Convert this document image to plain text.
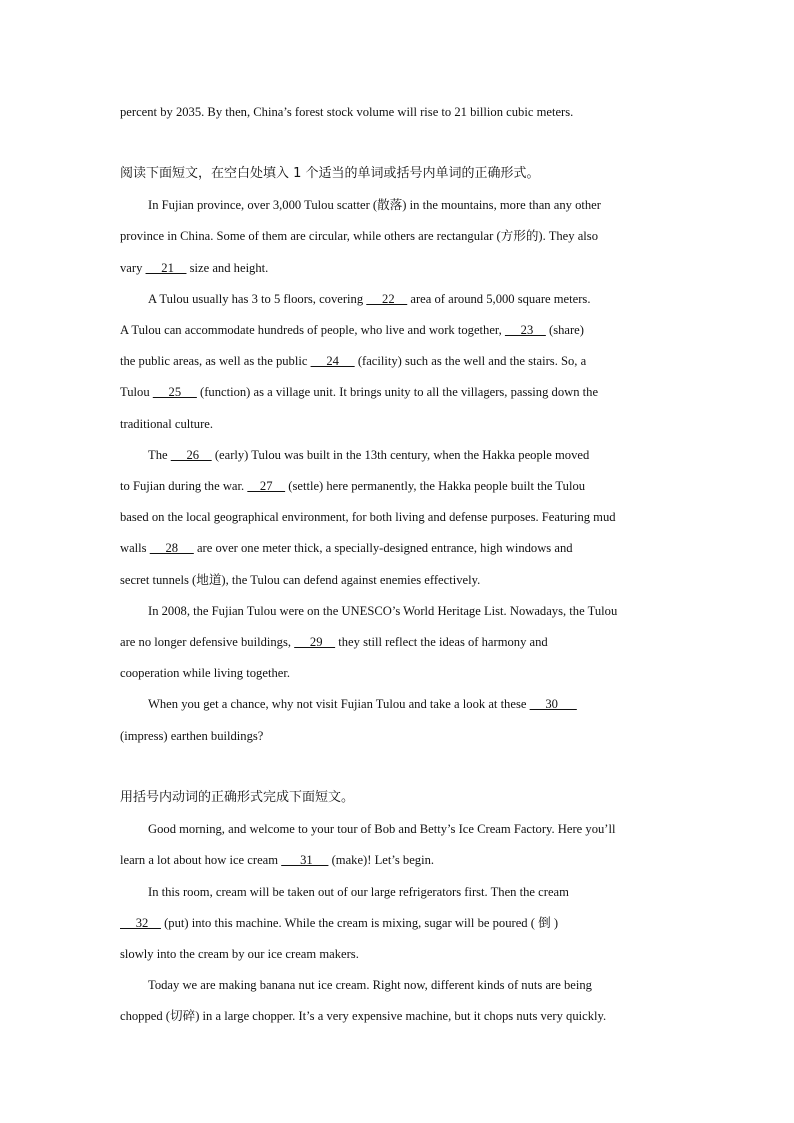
percent by 2035. By then, China’s forest stock volume will rise to 21 billion cubic meters.
阅读下面短文，在空白处填入 1 个适当的单词或括号内单词的正确形式。
In Fujian province, over 3,000 Tulou scatter (散落) in the mountains, more than any other
province in China. Some of them are circular, while others are rectangular (方形的). They also
vary      21     size and height.
A Tulou usually has 3 to 5 floors, covering      22     area of around 5,000 square meters.
A Tulou can accommodate hundreds of people, who live and work together,      23     (share)
the public areas, as well as the public      24      (facility) such as the well and the stairs. So, a
Tulou      25      (function) as a village unit. It brings unity to all the villagers, passing down the
traditional culture.
The      26     (early) Tulou was built in the 13th century, when the Hakka people moved
to Fujian during the war.     27     (settle) here permanently, the Hakka people built the Tulou
based on the local geographical environment, for both living and defense purposes. Featuring mud
walls      28      are over one meter thick, a specially-designed entrance, high windows and
secret tunnels (地道), the Tulou can defend against enemies effectively.
In 2008, the Fujian Tulou were on the UNESCO’s World Heritage List. Nowadays, the Tulou
are no longer defensive buildings,      29     they still reflect the ideas of harmony and
cooperation while living together.
When you get a chance, why not visit Fujian Tulou and take a look at these      30
(impress) earthen buildings?
用括号内动词的正确形式完成下面短文。
Good morning, and welcome to your tour of Bob and Betty’s Ice Cream Factory. Here you’ll
learn a lot about how ice cream       31      (make)! Let’s begin.
In this room, cream will be taken out of our large refrigerators first. Then the cream
32     (put) into this machine. While the cream is mixing, sugar will be poured ( 倒 )
slowly into the cream by our ice cream makers.
Today we are making banana nut ice cream. Right now, different kinds of nuts are being
chopped (切碎) in a large chopper. It’s a very expensive machine, but it chops nuts very quickly.
